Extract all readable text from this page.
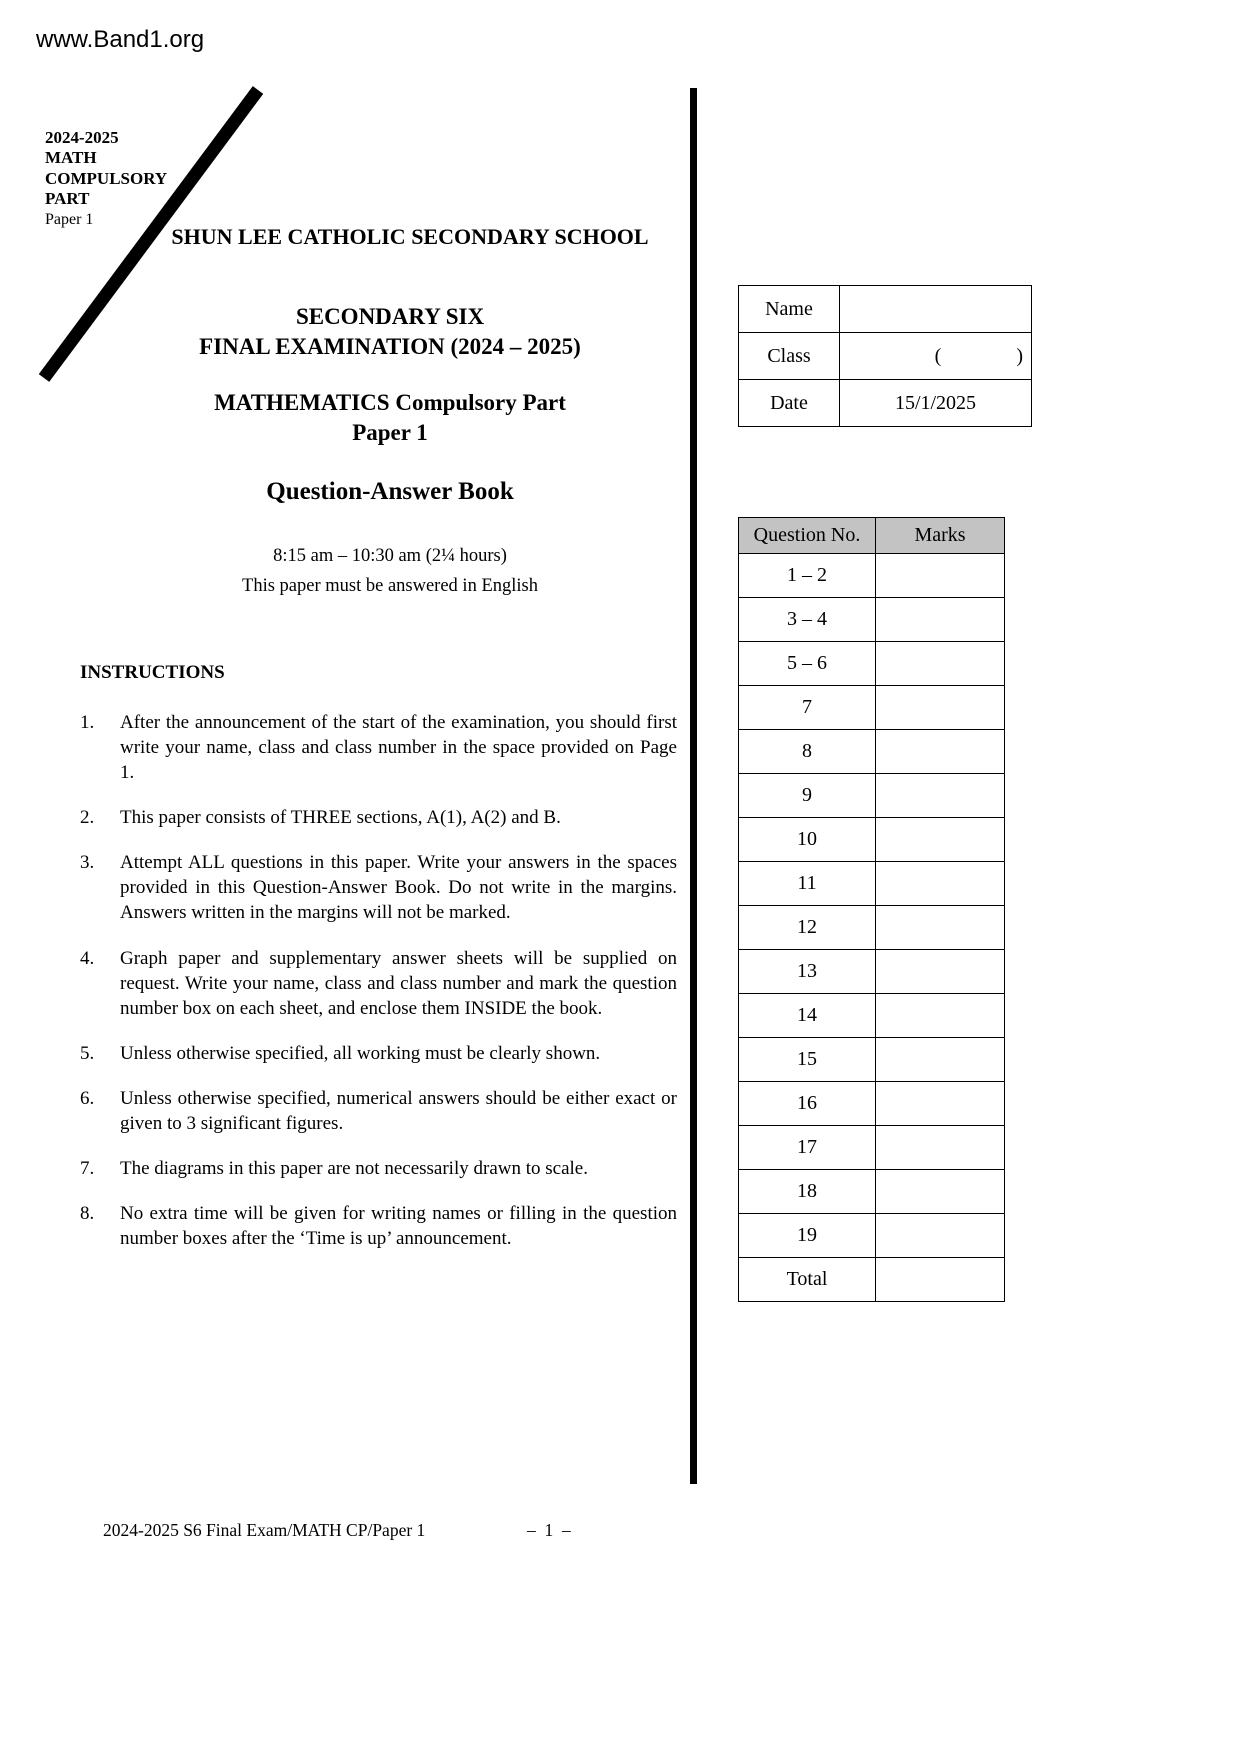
www.Band1.org
2024-2025
MATH
COMPULSORY
PART
Paper 1
SHUN LEE CATHOLIC SECONDARY SCHOOL
SECONDARY SIX
FINAL EXAMINATION (2024 – 2025)
MATHEMATICS Compulsory Part
Paper 1
Question-Answer Book
8:15 am – 10:30 am (2¼ hours)
This paper must be answered in English
Name	
Class	(               )
Date	15/1/2025
Question No.	Marks
1 – 2	
3 – 4	
5 – 6	
7	
8	
9	
10	
11	
12	
13	
14	
15	
16	
17	
18	
19	
Total	
INSTRUCTIONS
1.	After the announcement of the start of the examination, you should first write your name, class and class number in the space provided on Page 1.
2.	This paper consists of THREE sections, A(1), A(2) and B.
3.	Attempt ALL questions in this paper. Write your answers in the spaces provided in this Question-Answer Book. Do not write in the margins. Answers written in the margins will not be marked.
4.	Graph paper and supplementary answer sheets will be supplied on request. Write your name, class and class number and mark the question number box on each sheet, and enclose them INSIDE the book.
5.	Unless otherwise specified, all working must be clearly shown.
6.	Unless otherwise specified, numerical answers should be either exact or given to 3 significant figures.
7.	The diagrams in this paper are not necessarily drawn to scale.
8.	No extra time will be given for writing names or filling in the question number boxes after the ‘Time is up’ announcement.
2024-2025 S6 Final Exam/MATH CP/Paper 1	–  1  –
